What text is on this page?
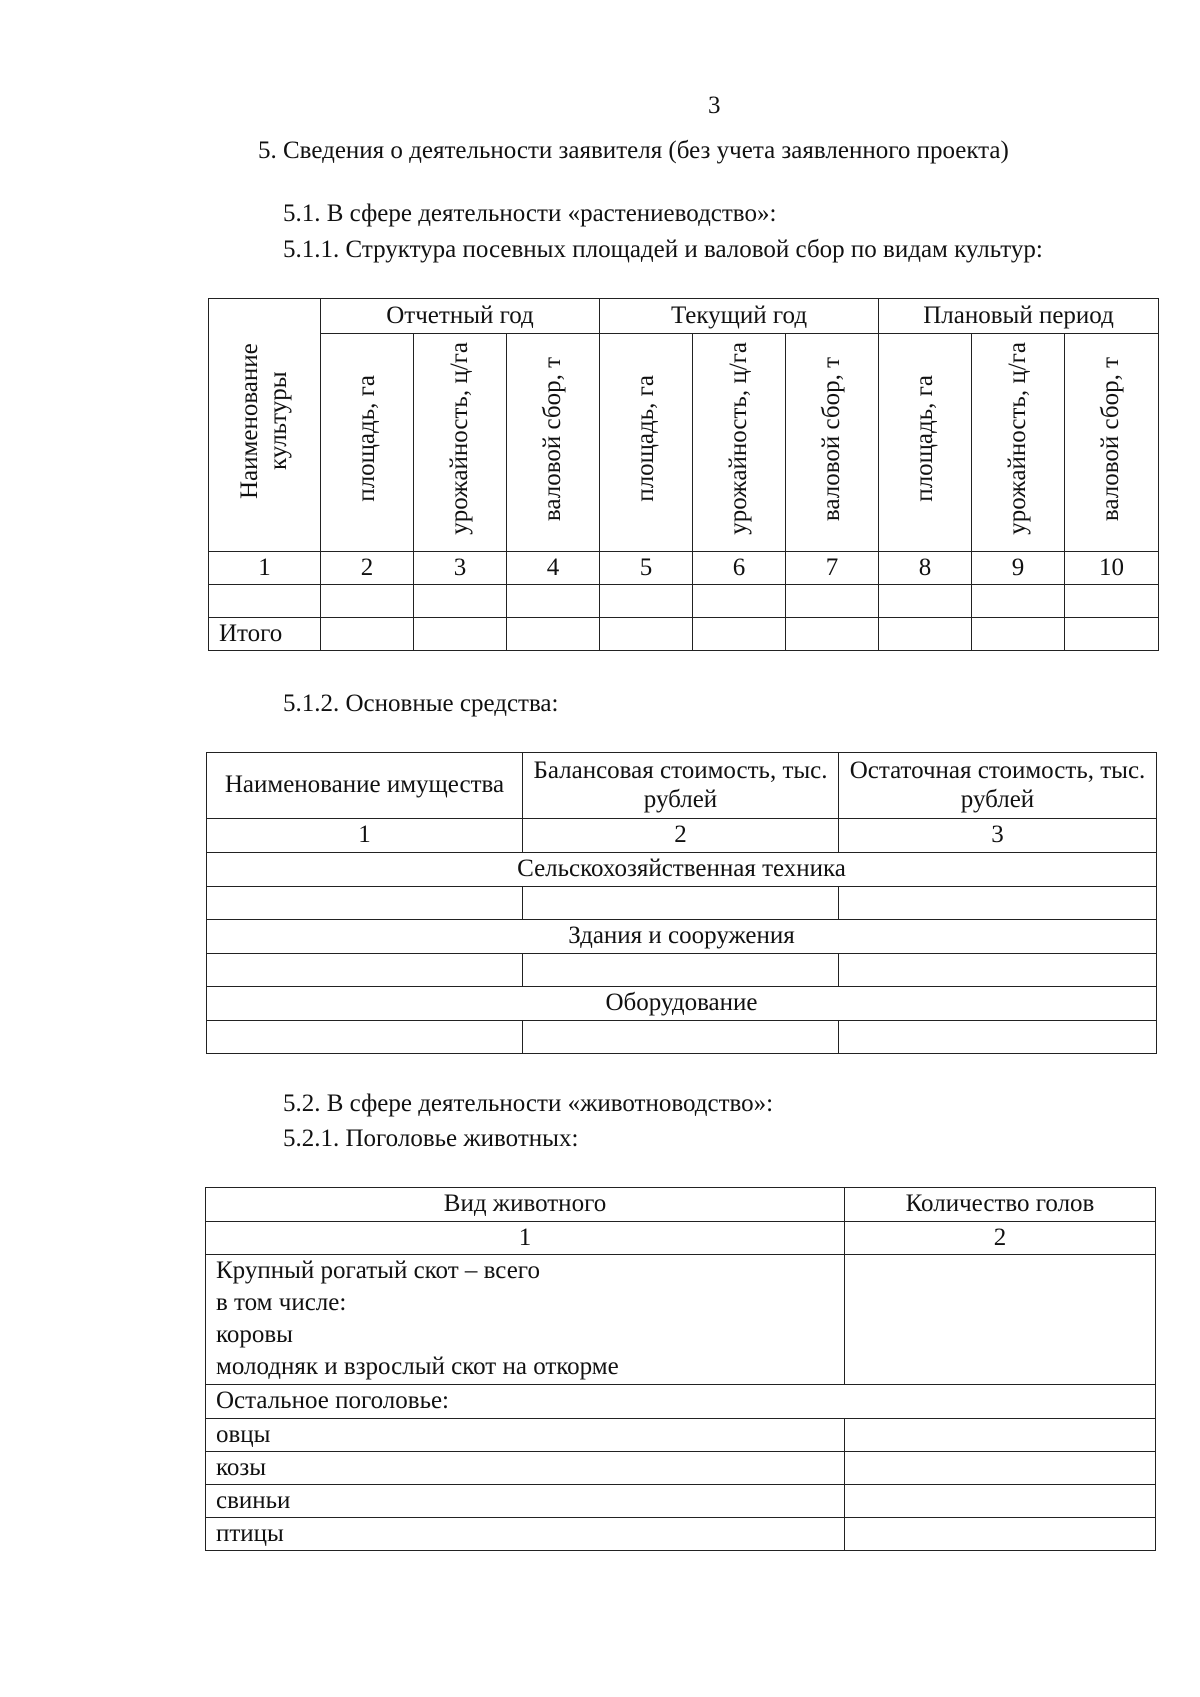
3
5. Сведения о деятельности заявителя (без учета заявленного проекта)
5.1. В сфере деятельности «растениеводство»:
5.1.1. Структура посевных площадей и валовой сбор по видам культур:
Наименование культуры	Отчетный год			Текущий год			Плановый период		
	площадь, га	урожайность, ц/га	валовой сбор, т	площадь, га	урожайность, ц/га	валовой сбор, т	площадь, га	урожайность, ц/га	валовой сбор, т
1	2	3	4	5	6	7	8	9	10

Итого									
5.1.2. Основные средства:
Наименование имущества	Балансовая стоимость, тыс. рублей	Остаточная стоимость, тыс. рублей
1	2	3
Сельскохозяйственная техника		

Здания и сооружения		

Оборудование		

5.2. В сфере деятельности «животноводство»:
5.2.1. Поголовье животных:
Вид животного	Количество голов
1	2

Крупный рогатый скот – всего
в том числе:
коровы
молодняк и взрослый скот на откорме	

Остальное поголовье:	
овцы	
козы	
свиньи	
птицы	
